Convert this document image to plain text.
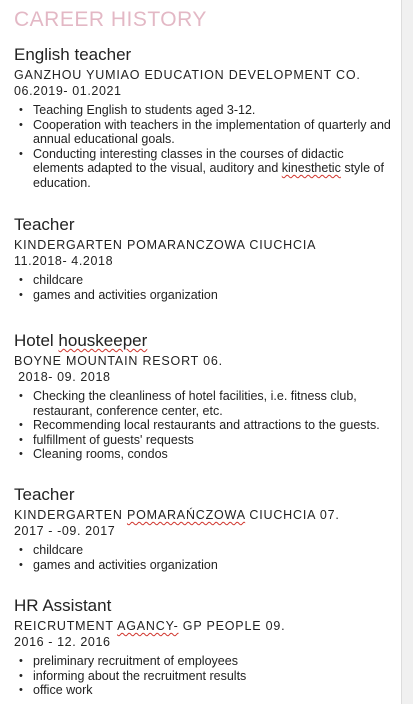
CAREER HISTORY
English teacher
GANZHOU YUMIAO EDUCATION DEVELOPMENT CO.
06.2019- 01.2021
• Teaching English to students aged 3-12.
• Cooperation with teachers in the implementation of quarterly and annual educational goals.
• Conducting interesting classes in the courses of didactic elements adapted to the visual, auditory and kinesthetic style of education.
Teacher
KINDERGARTEN POMARANCZOWA CIUCHCIA
11.2018- 4.2018
• childcare
• games and activities organization
Hotel houskeeper
BOYNE MOUNTAIN RESORT 06.
2018- 09. 2018
• Checking the cleanliness of hotel facilities, i.e. fitness club, restaurant, conference center, etc.
• Recommending local restaurants and attractions to the guests.
• fulfillment of guests' requests
• Cleaning rooms, condos
Teacher
KINDERGARTEN POMARAŃCZOWA CIUCHCIA 07.
2017 - -09. 2017
• childcare
• games and activities organization
HR Assistant
REICRUTMENT AGANCY- GP PEOPLE 09.
2016 - 12. 2016
• preliminary recruitment of employees
• informing about the recruitment results
• office work
